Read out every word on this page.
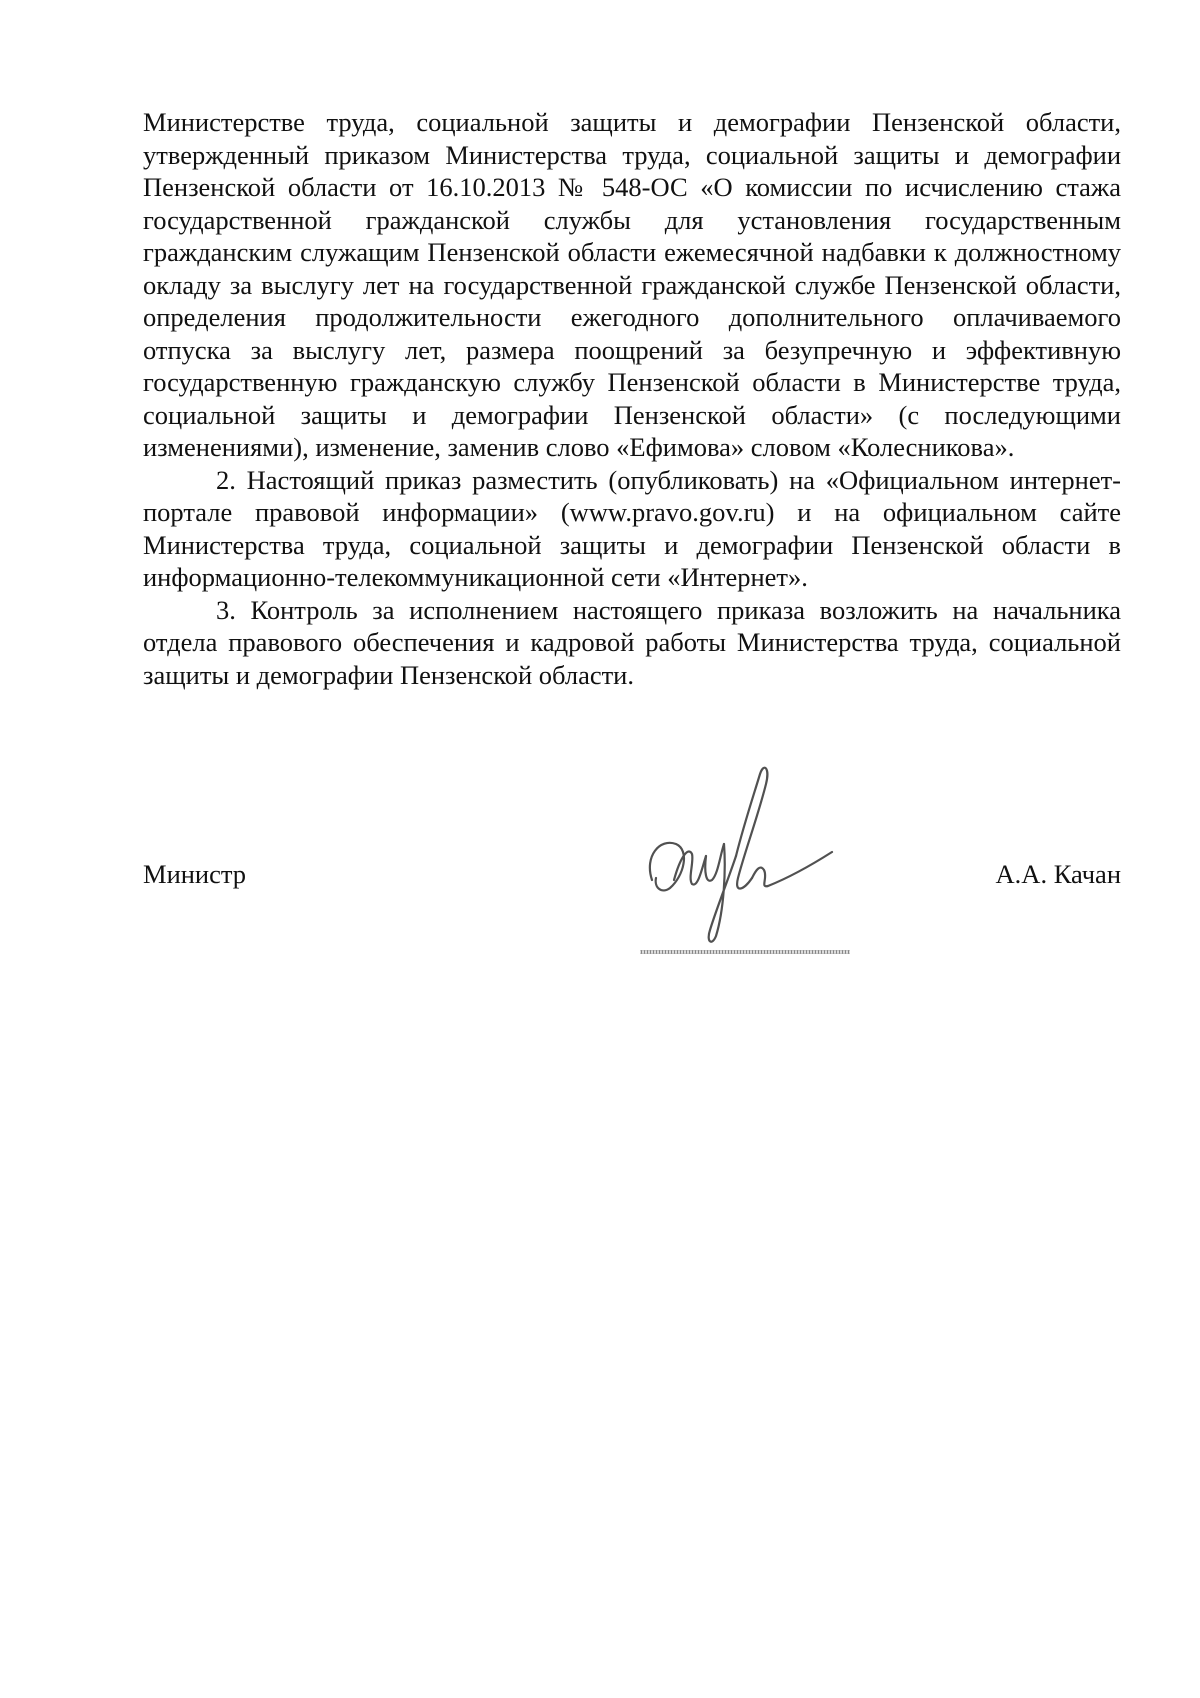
Министерстве труда, социальной защиты и демографии Пензенской области, утвержденный приказом Министерства труда, социальной защиты и демографии Пензенской области от 16.10.2013 № 548-ОС «О комиссии по исчислению стажа государственной гражданской службы для установления государственным гражданским служащим Пензенской области ежемесячной надбавки к должностному окладу за выслугу лет на государственной гражданской службе Пензенской области, определения продолжительности ежегодного дополнительного оплачиваемого отпуска за выслугу лет, размера поощрений за безупречную и эффективную государственную гражданскую службу Пензенской области в Министерстве труда, социальной защиты и демографии Пензенской области» (с последующими изменениями), изменение, заменив слово «Ефимова» словом «Колесникова».

2. Настоящий приказ разместить (опубликовать) на «Официальном интернет-портале правовой информации» (www.pravo.gov.ru) и на официальном сайте Министерства труда, социальной защиты и демографии Пензенской области в информационно-телекоммуникационной сети «Интернет».

3. Контроль за исполнением настоящего приказа возложить на начальника отдела правового обеспечения и кадровой работы Министерства труда, социальной защиты и демографии Пензенской области.

Министр	А.А. Качан
